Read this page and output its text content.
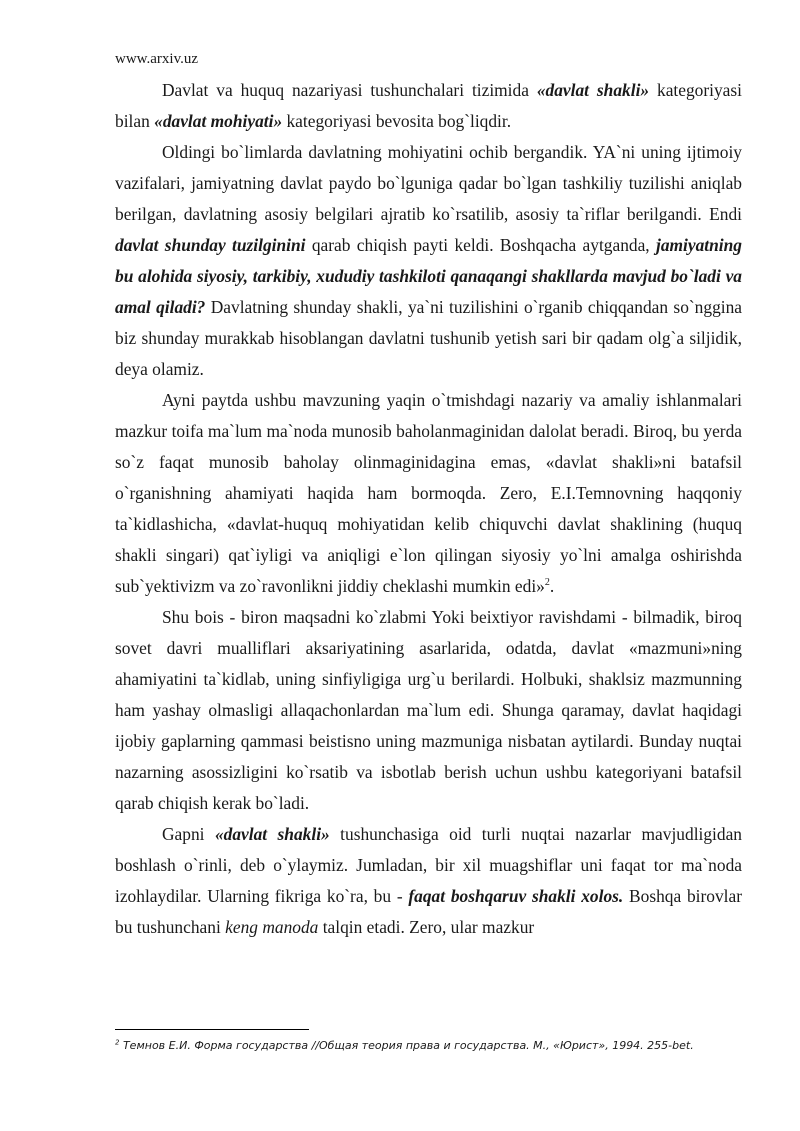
www.arxiv.uz

Davlat va huquq nazariyasi tushunchalari tizimida «davlat shakli» kategoriyasi bilan «davlat mohiyati» kategoriyasi bevosita bog`liqdir.

Oldingi bo`limlarda davlatning mohiyatini ochib bergandik. YA`ni uning ijtimoiy vazifalari, jamiyatning davlat paydo bo`lguniga qadar bo`lgan tashkiliy tuzilishi aniqlab berilgan, davlatning asosiy belgilari ajratib ko`rsatilib, asosiy ta`riflar berilgandi. Endi davlat shunday tuzilginini qarab chiqish payti keldi. Boshqacha aytganda, jamiyatning bu alohida siyosiy, tarkibiy, xududiy tashkiloti qanaqangi shakllarda mavjud bo`ladi va amal qiladi? Davlatning shunday shakli, ya`ni tuzilishini o`rganib chiqqandan so`nggina biz shunday murakkab hisoblangan davlatni tushunib yetish sari bir qadam olg`a siljidik, deya olamiz.

Ayni paytda ushbu mavzuning yaqin o`tmishdagi nazariy va amaliy ishlanmalari mazkur toifa ma`lum ma`noda munosib baholanmaginidan dalolat beradi. Biroq, bu yerda so`z faqat munosib baholay olinmaginidagina emas, «davlat shakli»ni batafsil o`rganishning ahamiyati haqida ham bormoqda. Zero, E.I.Temnovning haqqoniy ta`kidlashicha, «davlat-huquq mohiyatidan kelib chiquvchi davlat shaklining (huquq shakli singari) qat`iyligi va aniqligi e`lon qilingan siyosiy yo`lni amalga oshirishda sub`yektivizm va zo`ravonlikni jiddiy cheklashi mumkin edi»$^2$.

Shu bois - biron maqsadni ko`zlabmi Yoki beixtiyor ravishdami - bilmadik, biroq sovet davri mualliflari aksariyatining asarlarida, odatda, davlat «mazmuni»ning ahamiyatini ta`kidlab, uning sinfiyligiga urg`u berilardi. Holbuki, shaklsiz mazmunning ham yashay olmasligi allaqachonlardan ma`lum edi. Shunga qaramay, davlat haqidagi ijobiy gaplarning qammasi beistisno uning mazmuniga nisbatan aytilardi. Bunday nuqtai nazarning asossizligini ko`rsatib va isbotlab berish uchun ushbu kategoriyani batafsil qarab chiqish kerak bo`ladi.

Gapni «davlat shakli» tushunchasiga oid turli nuqtai nazarlar mavjudligidan boshlash o`rinli, deb o`ylaymiz. Jumladan, bir xil muagshiflar uni faqat tor ma`noda izohlaydilar. Ularning fikriga ko`ra, bu - faqat boshqaruv shakli xolos. Boshqa birovlar bu tushunchani keng manoda talqin etadi. Zero, ular mazkur

$^2$ Темнов Е.И. Форма государства //Общая теория права и государства. М., «Юрист», 1994. 255-bet.
